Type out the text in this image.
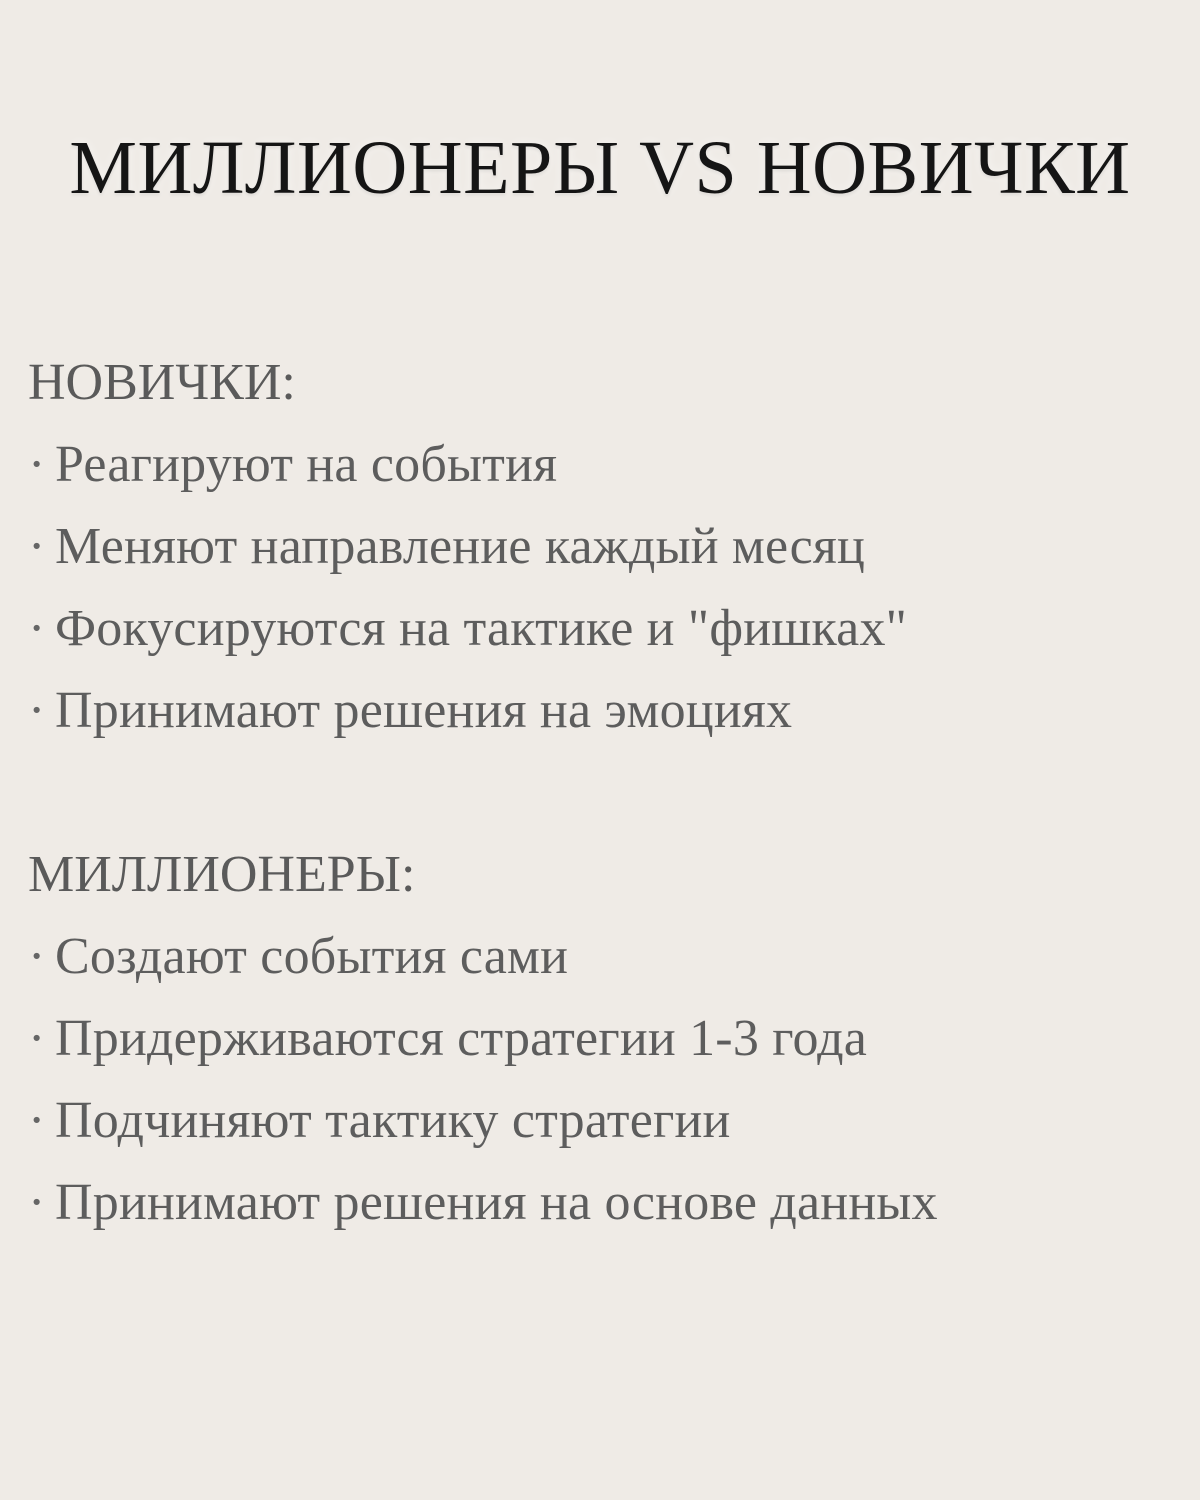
МИЛЛИОНЕРЫ VS НОВИЧКИ
НОВИЧКИ:
· Реагируют на события
· Меняют направление каждый месяц
· Фокусируются на тактике и "фишках"
· Принимают решения на эмоциях
МИЛЛИОНЕРЫ:
· Создают события сами
· Придерживаются стратегии 1-3 года
· Подчиняют тактику стратегии
· Принимают решения на основе данных
